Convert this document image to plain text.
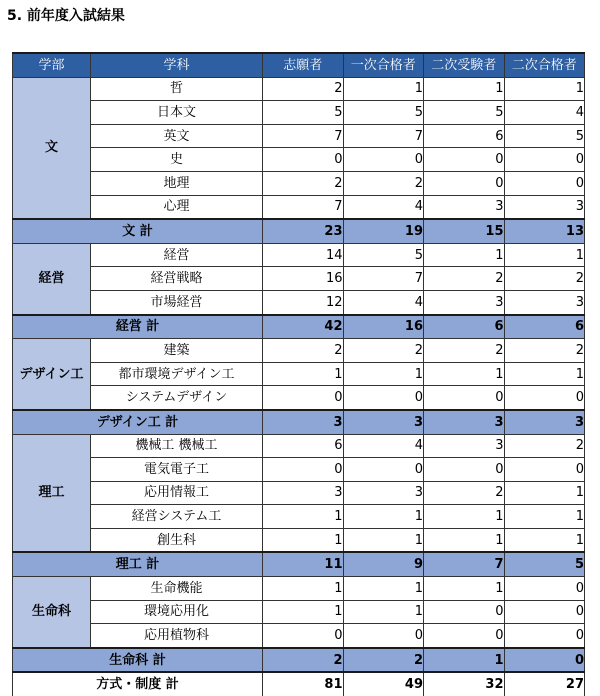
5. 前年度入試結果
学部	学科	志願者	一次合格者	二次受験者	二次合格者
文	哲	2	1	1	1
	日本文	5	5	5	4
	英文	7	7	6	5
	史	0	0	0	0
	地理	2	2	0	0
	心理	7	4	3	3
文 計		23	19	15	13
経営	経営	14	5	1	1
	経営戦略	16	7	2	2
	市場経営	12	4	3	3
経営 計		42	16	6	6
デザイン工	建築	2	2	2	2
	都市環境デザイン工	1	1	1	1
	システムデザイン	0	0	0	0
デザイン工 計		3	3	3	3
理工	機械工 機械工	6	4	3	2
	電気電子工	0	0	0	0
	応用情報工	3	3	2	1
	経営システム工	1	1	1	1
	創生科	1	1	1	1
理工 計		11	9	7	5
生命科	生命機能	1	1	1	0
	環境応用化	1	1	0	0
	応用植物科	0	0	0	0
生命科 計		2	2	1	0
方式・制度 計		81	49	32	27
